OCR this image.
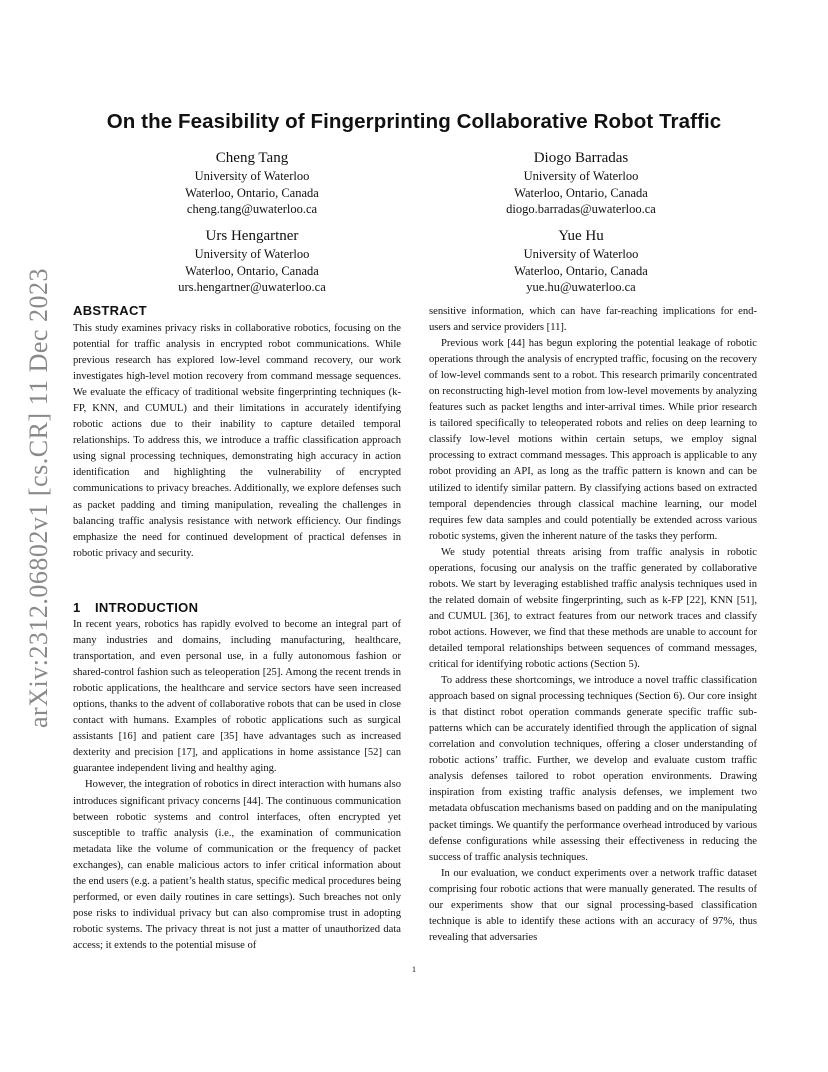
arXiv:2312.06802v1 [cs.CR] 11 Dec 2023
On the Feasibility of Fingerprinting Collaborative Robot Traffic
Cheng Tang
University of Waterloo
Waterloo, Ontario, Canada
cheng.tang@uwaterloo.ca
Diogo Barradas
University of Waterloo
Waterloo, Ontario, Canada
diogo.barradas@uwaterloo.ca
Urs Hengartner
University of Waterloo
Waterloo, Ontario, Canada
urs.hengartner@uwaterloo.ca
Yue Hu
University of Waterloo
Waterloo, Ontario, Canada
yue.hu@uwaterloo.ca
ABSTRACT

This study examines privacy risks in collaborative robotics, focusing on the potential for traffic analysis in encrypted robot communications. While previous research has explored low-level command recovery, our work investigates high-level motion recovery from command message sequences. We evaluate the efficacy of traditional website fingerprinting techniques (k-FP, KNN, and CUMUL) and their limitations in accurately identifying robotic actions due to their inability to capture detailed temporal relationships. To address this, we introduce a traffic classification approach using signal processing techniques, demonstrating high accuracy in action identification and highlighting the vulnerability of encrypted communications to privacy breaches. Additionally, we explore defenses such as packet padding and timing manipulation, revealing the challenges in balancing traffic analysis resistance with network efficiency. Our findings emphasize the need for continued development of practical defenses in robotic privacy and security.

1 INTRODUCTION

In recent years, robotics has rapidly evolved to become an integral part of many industries and domains, including manufacturing, healthcare, transportation, and even personal use, in a fully autonomous fashion or shared-control fashion such as teleoperation [25]. Among the recent trends in robotic applications, the healthcare and service sectors have seen increased options, thanks to the advent of collaborative robots that can be used in close contact with humans. Examples of robotic applications such as surgical assistants [16] and patient care [35] have advantages such as increased dexterity and precision [17], and applications in home assistance [52] can guarantee independent living and healthy aging.

However, the integration of robotics in direct interaction with humans also introduces significant privacy concerns [44]. The continuous communication between robotic systems and control interfaces, often encrypted yet susceptible to traffic analysis (i.e., the examination of communication metadata like the volume of communication or the frequency of packet exchanges), can enable malicious actors to infer critical information about the end users (e.g. a patient’s health status, specific medical procedures being performed, or even daily routines in care settings). Such breaches not only pose risks to individual privacy but can also compromise trust in adopting robotic systems. The privacy threat is not just a matter of unauthorized data access; it extends to the potential misuse of

sensitive information, which can have far-reaching implications for end-users and service providers [11].

Previous work [44] has begun exploring the potential leakage of robotic operations through the analysis of encrypted traffic, focusing on the recovery of low-level commands sent to a robot. This research primarily concentrated on reconstructing high-level motion from low-level movements by analyzing features such as packet lengths and inter-arrival times. While prior research is tailored specifically to teleoperated robots and relies on deep learning to classify low-level motions within certain setups, we employ signal processing to extract command messages. This approach is applicable to any robot providing an API, as long as the traffic pattern is known and can be utilized to identify similar pattern. By classifying actions based on extracted temporal dependencies through classical machine learning, our model requires few data samples and could potentially be extended across various robotic systems, given the inherent nature of the tasks they perform.

We study potential threats arising from traffic analysis in robotic operations, focusing our analysis on the traffic generated by collaborative robots. We start by leveraging established traffic analysis techniques used in the related domain of website fingerprinting, such as k-FP [22], KNN [51], and CUMUL [36], to extract features from our network traces and classify robot actions. However, we find that these methods are unable to account for detailed temporal relationships between sequences of command messages, critical for identifying robotic actions (Section 5).

To address these shortcomings, we introduce a novel traffic classification approach based on signal processing techniques (Section 6). Our core insight is that distinct robot operation commands generate specific traffic sub-patterns which can be accurately identified through the application of signal correlation and convolution techniques, offering a closer understanding of robotic actions’ traffic. Further, we develop and evaluate custom traffic analysis defenses tailored to robot operation environments. Drawing inspiration from existing traffic analysis defenses, we implement two metadata obfuscation mechanisms based on padding and on the manipulating packet timings. We quantify the performance overhead introduced by various defense configurations while assessing their effectiveness in reducing the success of traffic analysis techniques.

In our evaluation, we conduct experiments over a network traffic dataset comprising four robotic actions that were manually generated. The results of our experiments show that our signal processing-based classification technique is able to identify these actions with an accuracy of 97%, thus revealing that adversaries

1
